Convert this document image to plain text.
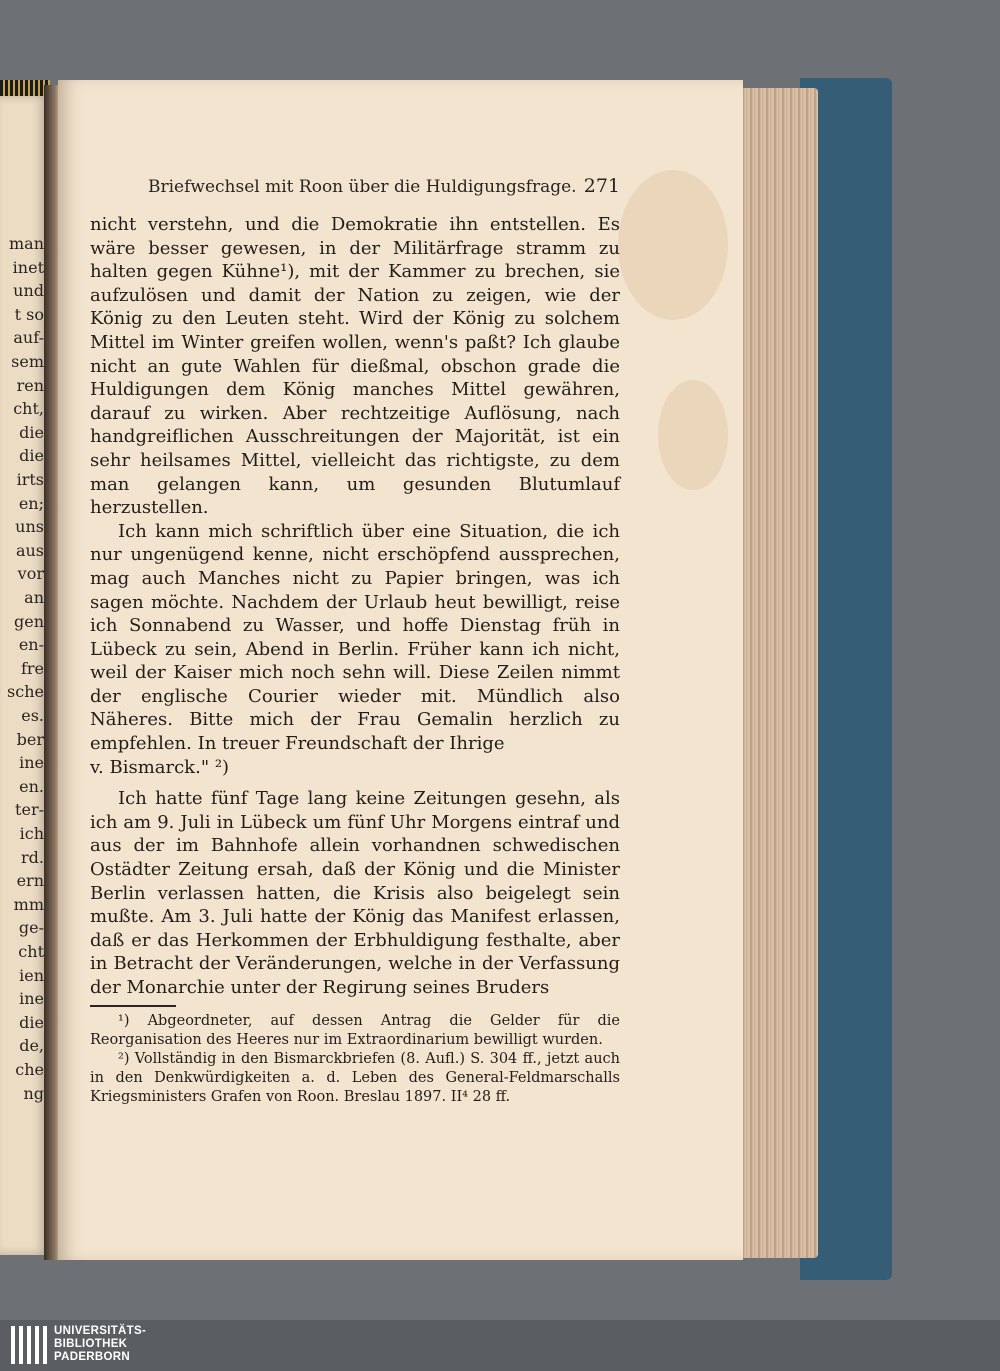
man
inet
und
t so
auf-
sem
ren
cht,
die
die
irts
en;
uns
aus
vor
an
gen
en-
fre
sche
es.
ber
ine
en.
ter-
ich
rd.
ern
mm
ge-
cht
ien
ine
die
de,
che
ng
Briefwechsel mit Roon über die Huldigungsfrage. 271

nicht verstehn, und die Demokratie ihn entstellen. Es wäre besser gewesen, in der Militärfrage stramm zu halten gegen Kühne¹), mit der Kammer zu brechen, sie aufzulösen und damit der Nation zu zeigen, wie der König zu den Leuten steht. Wird der König zu solchem Mittel im Winter greifen wollen, wenn's paßt? Ich glaube nicht an gute Wahlen für dießmal, obschon grade die Huldigungen dem König manches Mittel gewähren, darauf zu wirken. Aber rechtzeitige Auflösung, nach handgreiflichen Ausschreitungen der Majorität, ist ein sehr heilsames Mittel, vielleicht das richtigste, zu dem man gelangen kann, um gesunden Blutumlauf herzustellen.

Ich kann mich schriftlich über eine Situation, die ich nur ungenügend kenne, nicht erschöpfend aussprechen, mag auch Manches nicht zu Papier bringen, was ich sagen möchte. Nachdem der Urlaub heut bewilligt, reise ich Sonnabend zu Wasser, und hoffe Dienstag früh in Lübeck zu sein, Abend in Berlin. Früher kann ich nicht, weil der Kaiser mich noch sehn will. Diese Zeilen nimmt der englische Courier wieder mit. Mündlich also Näheres. Bitte mich der Frau Gemalin herzlich zu empfehlen. In treuer Freundschaft der Ihrige

v. Bismarck." ²)

Ich hatte fünf Tage lang keine Zeitungen gesehn, als ich am 9. Juli in Lübeck um fünf Uhr Morgens eintraf und aus der im Bahnhofe allein vorhandnen schwedischen Ostädter Zeitung ersah, daß der König und die Minister Berlin verlassen hatten, die Krisis also beigelegt sein mußte. Am 3. Juli hatte der König das Manifest erlassen, daß er das Herkommen der Erbhuldigung festhalte, aber in Betracht der Veränderungen, welche in der Verfassung der Monarchie unter der Regirung seines Bruders

¹) Abgeordneter, auf dessen Antrag die Gelder für die Reorganisation des Heeres nur im Extraordinarium bewilligt wurden.

²) Vollständig in den Bismarckbriefen (8. Aufl.) S. 304 ff., jetzt auch in den Denkwürdigkeiten a. d. Leben des General-Feldmarschalls Kriegsministers Grafen von Roon. Breslau 1897. II⁴ 28 ff.

UNIVERSITÄTS-
BIBLIOTHEK
PADERBORN
